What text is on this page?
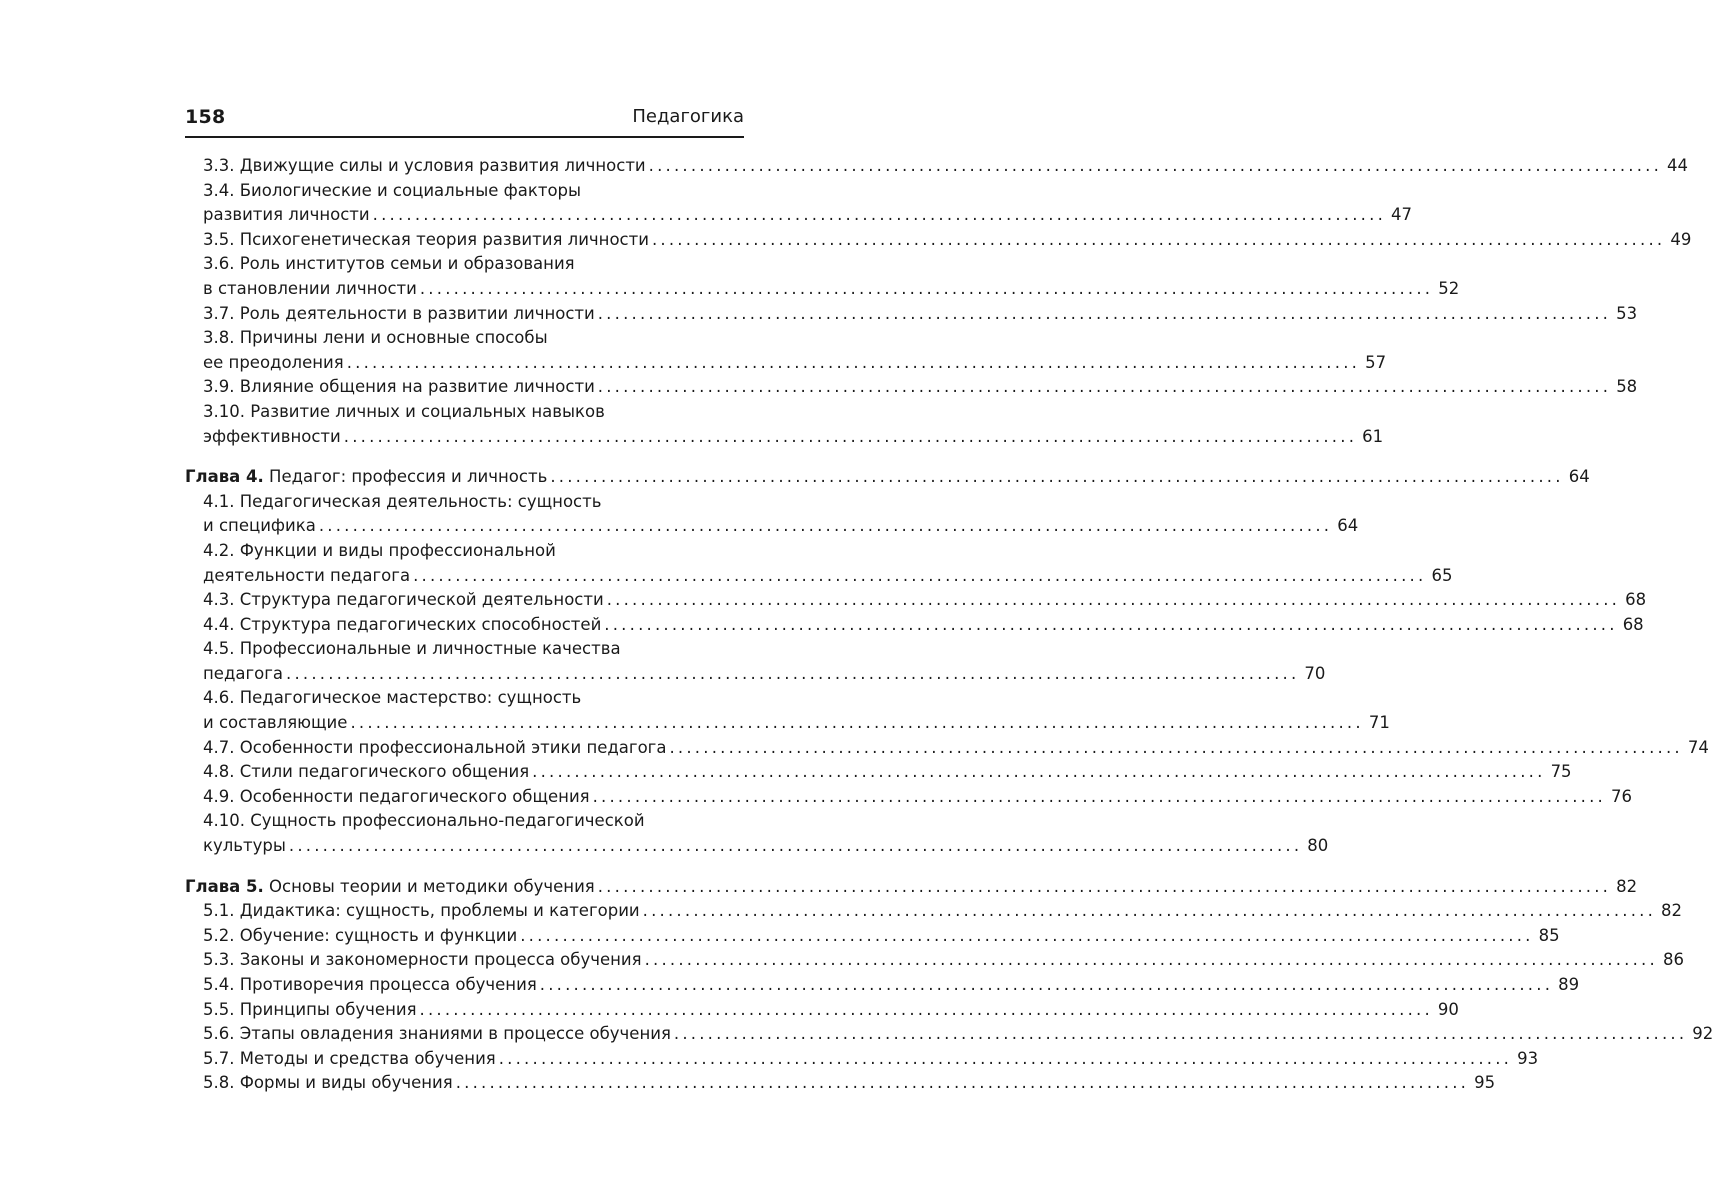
158	Педагогика
3.3. Движущие силы и условия развития личности ........................................................................................................................ 44
3.4. Биологические и социальные факторы
развития личности ........................................................................................................................ 47
3.5. Психогенетическая теория развития личности ........................................................................................................................ 49
3.6. Роль институтов семьи и образования
в становлении личности ........................................................................................................................ 52
3.7. Роль деятельности в развитии личности ........................................................................................................................ 53
3.8. Причины лени и основные способы
ее преодоления ........................................................................................................................ 57
3.9. Влияние общения на развитие личности ........................................................................................................................ 58
3.10. Развитие личных и социальных навыков
эффективности ........................................................................................................................ 61
Глава 4. Педагог: профессия и личность ........................................................................................................................ 64
4.1. Педагогическая деятельность: сущность
и специфика ........................................................................................................................ 64
4.2. Функции и виды профессиональной
деятельности педагога ........................................................................................................................ 65
4.3. Структура педагогической деятельности ........................................................................................................................ 68
4.4. Структура педагогических способностей ........................................................................................................................ 68
4.5. Профессиональные и личностные качества
педагога ........................................................................................................................ 70
4.6. Педагогическое мастерство: сущность
и составляющие ........................................................................................................................ 71
4.7. Особенности профессиональной этики педагога ........................................................................................................................ 74
4.8. Стили педагогического общения ........................................................................................................................ 75
4.9. Особенности педагогического общения ........................................................................................................................ 76
4.10. Сущность профессионально-педагогической
культуры ........................................................................................................................ 80
Глава 5. Основы теории и методики обучения ........................................................................................................................ 82
5.1. Дидактика: сущность, проблемы и категории ........................................................................................................................ 82
5.2. Обучение: сущность и функции ........................................................................................................................ 85
5.3. Законы и закономерности процесса обучения ........................................................................................................................ 86
5.4. Противоречия процесса обучения ........................................................................................................................ 89
5.5. Принципы обучения ........................................................................................................................ 90
5.6. Этапы овладения знаниями в процессе обучения ........................................................................................................................ 92
5.7. Методы и средства обучения ........................................................................................................................ 93
5.8. Формы и виды обучения ........................................................................................................................ 95
